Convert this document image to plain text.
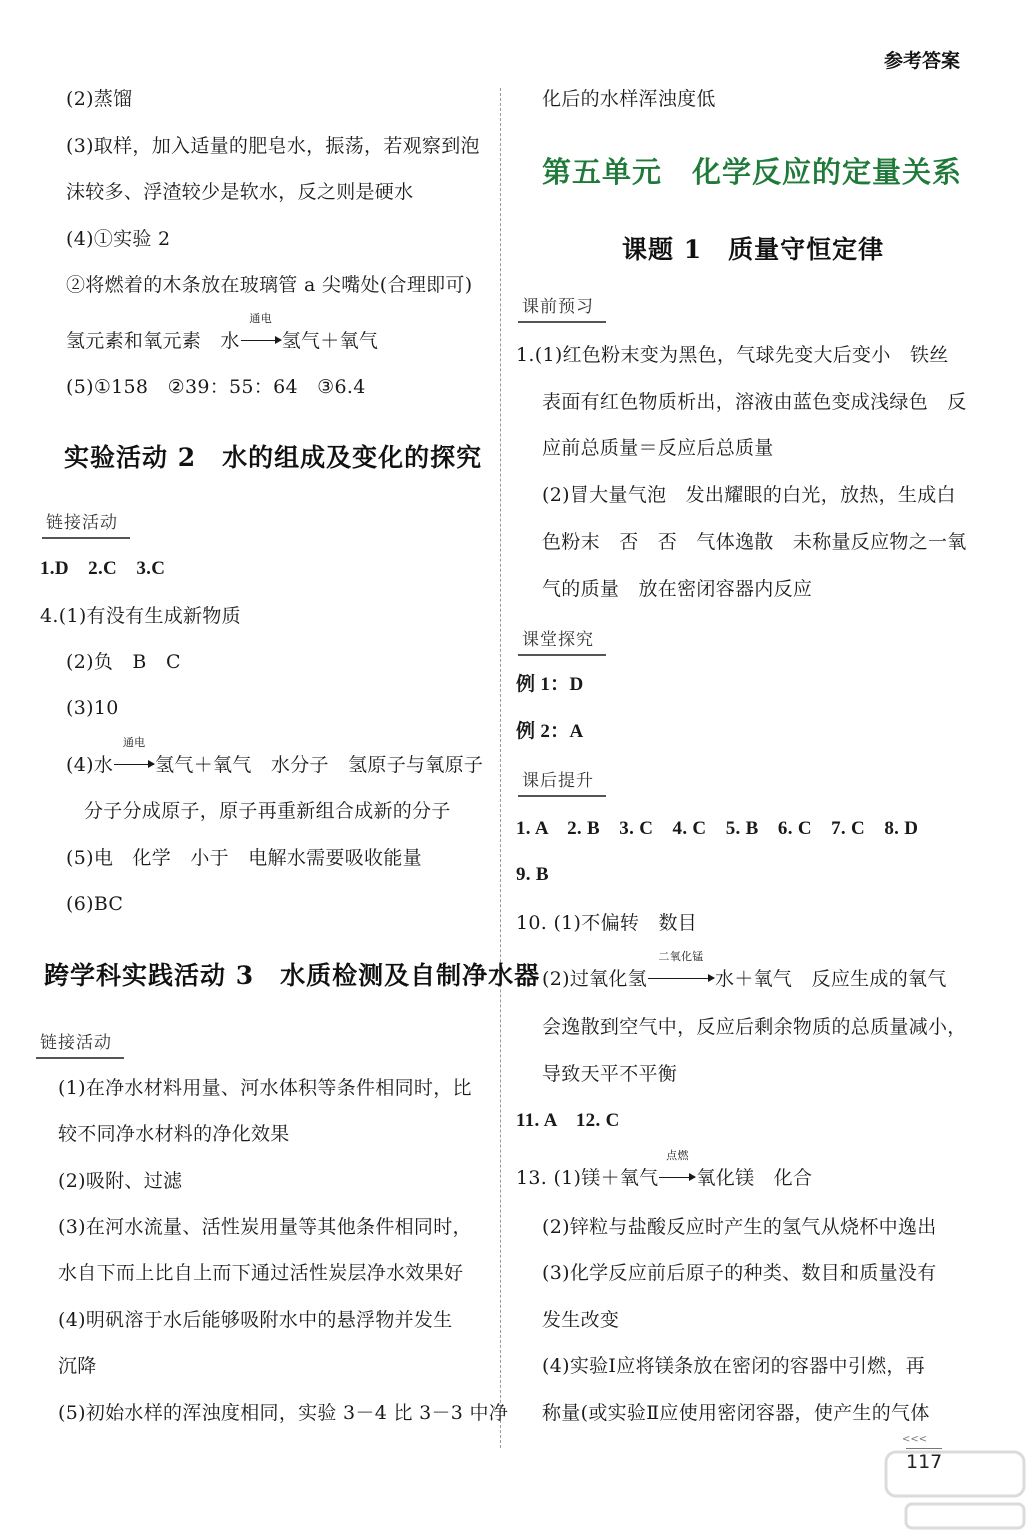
参考答案
(2)蒸馏
(3)取样，加入适量的肥皂水，振荡，若观察到泡
沫较多、浮渣较少是软水，反之则是硬水
(4)①实验 2
②将燃着的木条放在玻璃管 a 尖嘴处(合理即可)
氢元素和氧元素　水
通电
氢气＋氧气
(5)①158　②39：55：64　③6.4
实验活动 2　水的组成及变化的探究
链接活动
1.D　2.C　3.C
4.(1)有没有生成新物质
(2)负　B　C
(3)10
(4)水
通电
氢气＋氧气　水分子　氢原子与氧原子
分子分成原子，原子再重新组合成新的分子
(5)电　化学　小于　电解水需要吸收能量
(6)BC
跨学科实践活动 3　水质检测及自制净水器
链接活动
(1)在净水材料用量、河水体积等条件相同时，比
较不同净水材料的净化效果
(2)吸附、过滤
(3)在河水流量、活性炭用量等其他条件相同时，
水自下而上比自上而下通过活性炭层净水效果好
(4)明矾溶于水后能够吸附水中的悬浮物并发生
沉降
(5)初始水样的浑浊度相同，实验 3－4 比 3－3 中净
化后的水样浑浊度低
第五单元　化学反应的定量关系
课题 1　质量守恒定律
课前预习
1.(1)红色粉末变为黑色，气球先变大后变小　铁丝
表面有红色物质析出，溶液由蓝色变成浅绿色　反
应前总质量＝反应后总质量
(2)冒大量气泡　发出耀眼的白光，放热，生成白
色粉末　否　否　气体逸散　未称量反应物之一氧
气的质量　放在密闭容器内反应
课堂探究
例 1：D
例 2：A
课后提升
1. A　2. B　3. C　4. C　5. B　6. C　7. C　8. D
9. B
10. (1)不偏转　数目
(2)过氧化氢
二氧化锰
水＋氧气　反应生成的氧气
会逸散到空气中，反应后剩余物质的总质量减小，
导致天平不平衡
11. A　12. C
13. (1)镁＋氧气
点燃
氧化镁　化合
(2)锌粒与盐酸反应时产生的氢气从烧杯中逸出
(3)化学反应前后原子的种类、数目和质量没有
发生改变
(4)实验Ⅰ应将镁条放在密闭的容器中引燃，再
称量(或实验Ⅱ应使用密闭容器，使产生的气体
<<<
117
